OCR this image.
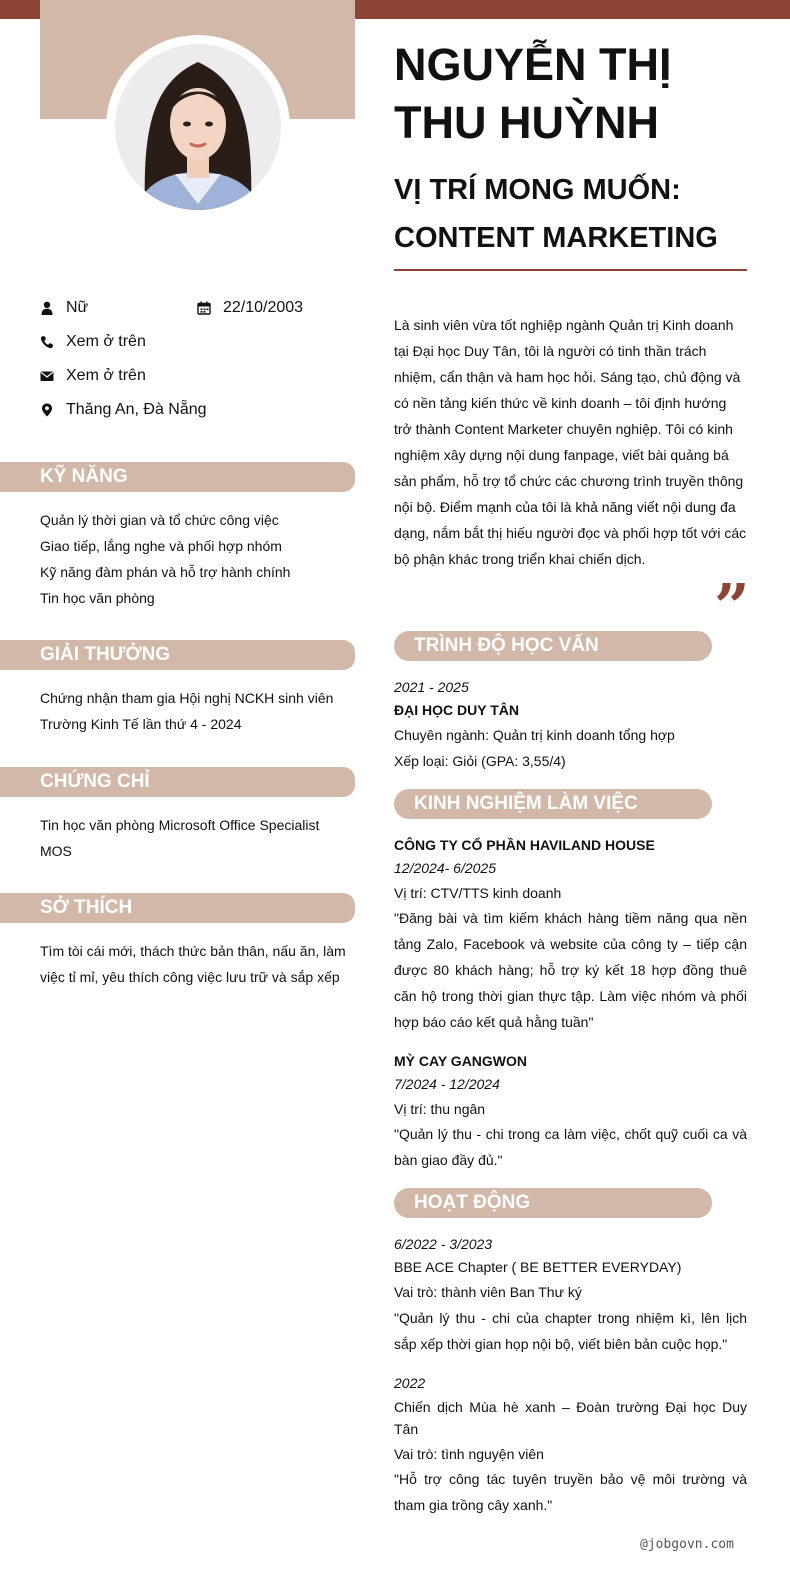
NGUYỄN THỊ THU HUỲNH
VỊ TRÍ MONG MUỐN: CONTENT MARKETING
Nữ	22/10/2003
Xem ở trên
Xem ở trên
Thăng An, Đà Nẵng
KỸ NĂNG
Quản lý thời gian và tổ chức công việc
Giao tiếp, lắng nghe và phối hợp nhóm
Kỹ năng đàm phán và hỗ trợ hành chính
Tin học văn phòng
GIẢI THƯỞNG
Chứng nhận tham gia Hội nghị NCKH sinh viên Trường Kinh Tế lần thứ 4 - 2024
CHỨNG CHỈ
Tin học văn phòng Microsoft Office Specialist MOS
SỞ THÍCH
Tìm tòi cái mới, thách thức bản thân, nấu ăn, làm việc tỉ mỉ, yêu thích công việc lưu trữ và sắp xếp
Là sinh viên vừa tốt nghiệp ngành Quản trị Kinh doanh tại Đại học Duy Tân, tôi là người có tinh thần trách nhiệm, cẩn thận và ham học hỏi. Sáng tạo, chủ động và có nền tảng kiến thức về kinh doanh – tôi định hướng trở thành Content Marketer chuyên nghiệp. Tôi có kinh nghiệm xây dựng nội dung fanpage, viết bài quảng bá sản phẩm, hỗ trợ tổ chức các chương trình truyền thông nội bộ. Điểm mạnh của tôi là khả năng viết nội dung đa dạng, nắm bắt thị hiếu người đọc và phối hợp tốt với các bộ phận khác trong triển khai chiến dịch.
”
TRÌNH ĐỘ HỌC VẤN
2021 - 2025
ĐẠI HỌC DUY TÂN
Chuyên ngành: Quản trị kinh doanh tổng hợp
Xếp loại: Giỏi (GPA: 3,55/4)
KINH NGHIỆM LÀM VIỆC
CÔNG TY CỔ PHẦN HAVILAND HOUSE
12/2024- 6/2025
Vị trí: CTV/TTS kinh doanh
"Đăng bài và tìm kiếm khách hàng tiềm năng qua nền tảng Zalo, Facebook và website của công ty – tiếp cận được 80 khách hàng; hỗ trợ ký kết 18 hợp đồng thuê căn hộ trong thời gian thực tập. Làm việc nhóm và phối hợp báo cáo kết quả hằng tuần"
MỲ CAY GANGWON
7/2024 - 12/2024
Vị trí: thu ngân
"Quản lý thu - chi trong ca làm việc, chốt quỹ cuối ca và bàn giao đầy đủ."
HOẠT ĐỘNG
6/2022 - 3/2023
BBE ACE Chapter ( BE BETTER EVERYDAY)
Vai trò: thành viên Ban Thư ký
"Quản lý thu - chi của chapter trong nhiệm kì, lên lịch sắp xếp thời gian họp nội bộ, viết biên bản cuộc họp."
2022
Chiến dịch Mùa hè xanh – Đoàn trường Đại học Duy Tân
Vai trò: tình nguyện viên
"Hỗ trợ công tác tuyên truyền bảo vệ môi trường và tham gia trồng cây xanh."
@jobgovn.com
